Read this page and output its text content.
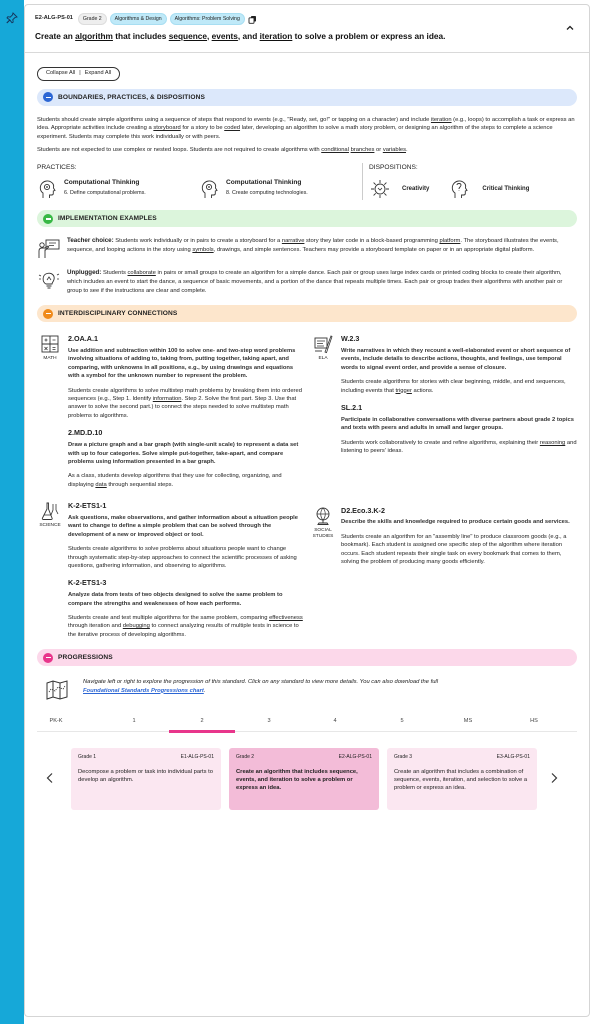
E2-ALG-PS-01	Grade 2	Algorithms & Design	Algorithms: Problem Solving
Create an algorithm that includes sequence, events, and iteration to solve a problem or express an idea.
Collapse All | Expand All
BOUNDARIES, PRACTICES, & DISPOSITIONS

Students should create simple algorithms using a sequence of steps that respond to events (e.g., "Ready, set, go!" or tapping on a character) and include iteration (e.g., loops) to accomplish a task or express an idea. Appropriate activities include creating a storyboard for a story to be coded later, developing an algorithm to solve a math story problem, or designing an algorithm of the steps to complete a science experiment. Students may complete this work individually or with peers.

Students are not expected to use complex or nested loops. Students are not required to create algorithms with conditional branches or variables.

PRACTICES:
Computational Thinking
6. Define computational problems.
Computational Thinking
8. Create computing technologies.
DISPOSITIONS:
Creativity	Critical Thinking
IMPLEMENTATION EXAMPLES

Teacher choice: Students work individually or in pairs to create a storyboard for a narrative story they later code in a block-based programming platform. The storyboard illustrates the events, sequence, and looping actions in the story using symbols, drawings, and simple sentences. Teachers may provide a storyboard template on paper or in an appropriate digital platform.

Unplugged: Students collaborate in pairs or small groups to create an algorithm for a simple dance. Each pair or group uses large index cards or printed coding blocks to create their algorithm, which includes an event to start the dance, a sequence of basic movements, and a portion of the dance that repeats multiple times. Each pair or group trades their algorithms with another pair or group to see if the instructions are clear and complete.

INTERDISCIPLINARY CONNECTIONS
MATH
2.OA.A.1
Use addition and subtraction within 100 to solve one- and two-step word problems involving situations of adding to, taking from, putting together, taking apart, and comparing, with unknowns in all positions, e.g., by using drawings and equations with a symbol for the unknown number to represent the problem.
Students create algorithms to solve multistep math problems by breaking them into ordered sequences (e.g., Step 1. Identify information. Step 2. Solve the first part. Step 3. Use that answer to solve the second part.) to connect the steps needed to solve multistep math problems to algorithms.
2.MD.D.10
Draw a picture graph and a bar graph (with single-unit scale) to represent a data set with up to four categories. Solve simple put-together, take-apart, and compare problems using information presented in a bar graph.
As a class, students develop algorithms that they use for collecting, organizing, and displaying data through sequential steps.
SCIENCE
K-2-ETS1-1
Ask questions, make observations, and gather information about a situation people want to change to define a simple problem that can be solved through the development of a new or improved object or tool.
Students create algorithms to solve problems about situations people want to change through systematic step-by-step approaches to connect the scientific processes of asking questions, gathering information, and observing to algorithms.
K-2-ETS1-3
Analyze data from tests of two objects designed to solve the same problem to compare the strengths and weaknesses of how each performs.
Students create and test multiple algorithms for the same problem, comparing effectiveness through iteration and debugging to connect analyzing results of multiple tests in science to the iterative process of developing algorithms.
ELA
W.2.3
Write narratives in which they recount a well-elaborated event or short sequence of events, include details to describe actions, thoughts, and feelings, use temporal words to signal event order, and provide a sense of closure.
Students create algorithms for stories with clear beginning, middle, and end sequences, including events that trigger actions.
SL.2.1
Participate in collaborative conversations with diverse partners about grade 2 topics and texts with peers and adults in small and larger groups.
Students work collaboratively to create and refine algorithms, explaining their reasoning and listening to peers' ideas.
SOCIAL
STUDIES
D2.Eco.3.K-2
Describe the skills and knowledge required to produce certain goods and services.
Students create an algorithm for an "assembly line" to produce classroom goods (e.g., a bookmark). Each student is assigned one specific step of the algorithm where iteration occurs. Each student repeats their single task on every bookmark that comes to them, solving the problem of producing many goods efficiently.
PROGRESSIONS

Navigate left or right to explore the progression of this standard. Click on any standard to view more details. You can also download the full
Foundational Standards Progressions chart.

PK-K	1	2	3	4	5	MS	HS
Grade 1	E1-ALG-PS-01
Decompose a problem or task into individual parts to develop an algorithm.
Grade 2	E2-ALG-PS-01
Create an algorithm that includes sequence, events, and iteration to solve a problem or express an idea.
Grade 3	E3-ALG-PS-01
Create an algorithm that includes a combination of sequence, events, iteration, and selection to solve a problem or express an idea.
